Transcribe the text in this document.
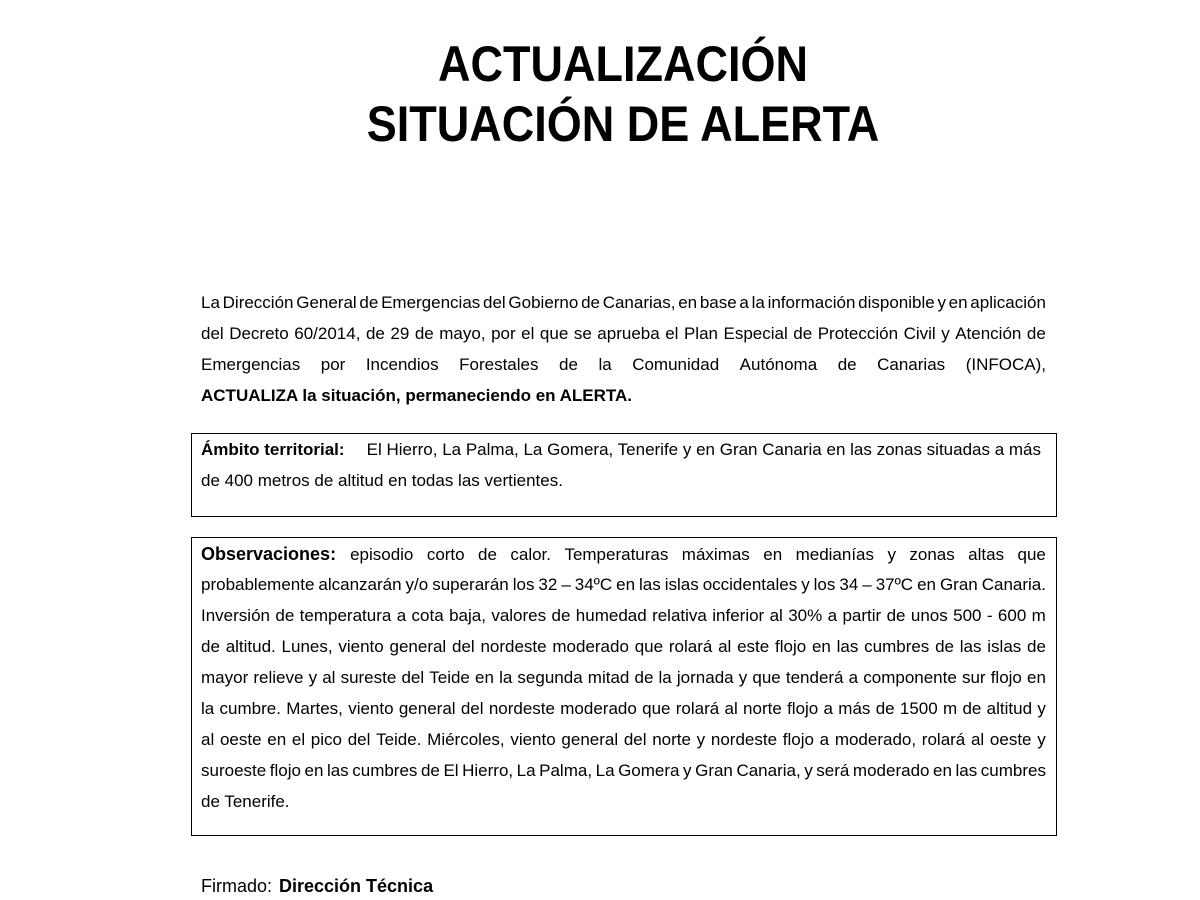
ACTUALIZACIÓN
SITUACIÓN DE ALERTA
La Dirección General de Emergencias del Gobierno de Canarias, en base a la información disponible y en aplicación
del Decreto 60/2014, de 29 de mayo, por el que se aprueba el Plan Especial de Protección Civil y Atención de
Emergencias por Incendios Forestales de la Comunidad Autónoma de Canarias (INFOCA),
ACTUALIZA la situación, permaneciendo en ALERTA.
Ámbito territorial:	El Hierro, La Palma, La Gomera, Tenerife y en Gran Canaria en las zonas situadas a más
de 400 metros de altitud en todas las vertientes.
Observaciones: episodio corto de calor. Temperaturas máximas en medianías y zonas altas que
probablemente alcanzarán y/o superarán los 32 – 34ºC en las islas occidentales y los 34 – 37ºC en Gran Canaria.
Inversión de temperatura a cota baja, valores de humedad relativa inferior al 30% a partir de unos 500 - 600 m
de altitud. Lunes, viento general del nordeste moderado que rolará al este flojo en las cumbres de las islas de
mayor relieve y al sureste del Teide en la segunda mitad de la jornada y que tenderá a componente sur flojo en
la cumbre. Martes, viento general del nordeste moderado que rolará al norte flojo a más de 1500 m de altitud y
al oeste en el pico del Teide. Miércoles, viento general del norte y nordeste flojo a moderado, rolará al oeste y
suroeste flojo en las cumbres de El Hierro, La Palma, La Gomera y Gran Canaria, y será moderado en las cumbres
de Tenerife.
Firmado: Dirección Técnica
